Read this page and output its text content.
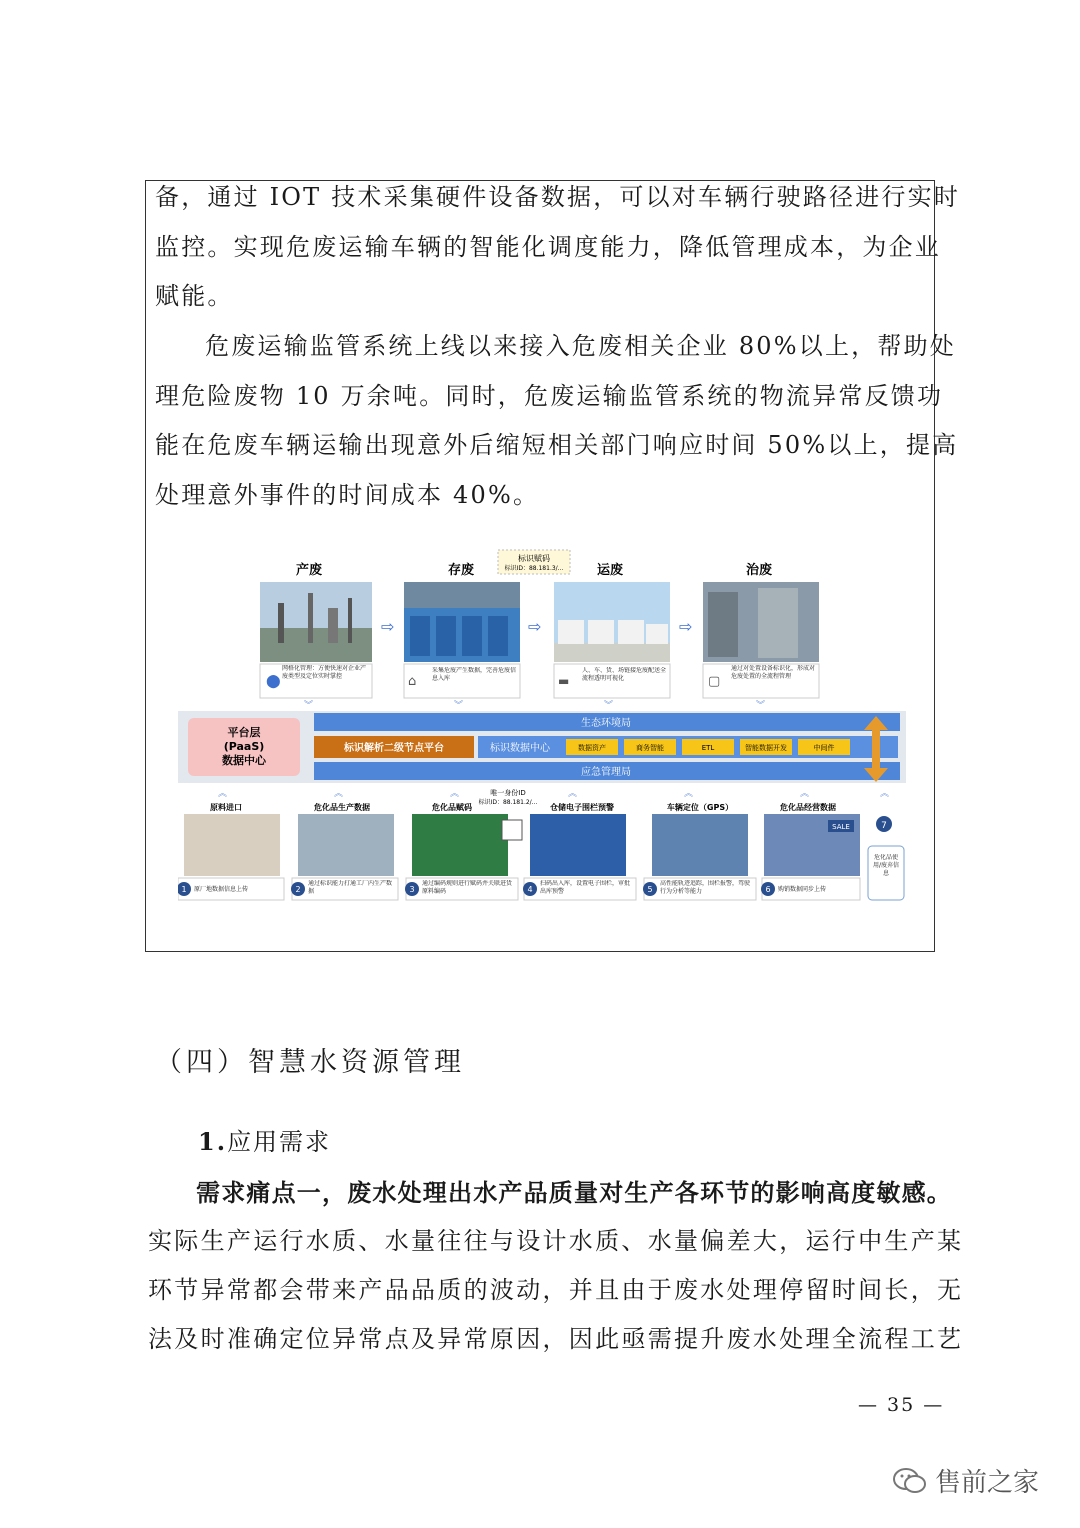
备，通过 IOT 技术采集硬件设备数据，可以对车辆行驶路径进行实时
监控。实现危废运输车辆的智能化调度能力，降低管理成本，为企业
赋能。

危废运输监管系统上线以来接入危废相关企业 80%以上，帮助处
理危险废物 10 万余吨。同时，危废运输监管系统的物流异常反馈功
能在危废车辆运输出现意外后缩短相关部门响应时间 50%以上，提高
处理意外事件的时间成本 40%。

产废	存废	运废	治废
标识赋码
标识ID：88.181.3/...
⇨	⇨	⇨
⬤
网格化管理：方便快速对企业产废类型及定位实时掌控	⌂
采集危废产生数据，完善危废信息入库	▬
人、车、货、场链接危废配送全流程透明可视化	▢
通过对处置设备标识化，形成对危废处置的全流程管理
︾	︾	︾	︾
平台层
(PaaS)
数据中心
生态环境局
标识解析二级节点平台	标识数据中心	数据资产	商务智能	ETL	智能数据开发	中间件
应急管理局
︽	︽	︽	︽	︽	︽	︽
唯一身份ID
标识ID：88.181.2/...
原料进口	危化品生产数据	危化品赋码	仓储电子围栏预警	车辆定位（GPS）	危化品经营数据
SALE	7
1	2	3	4	5	6
原厂地数据信息上传
通过标识能力打通工厂内生产数据
通过编码规则进行赋码并关联进货原料编码
扫码出入库，设置电子围栏，审批出库预警
高性能轨迹追踪，围栏报警，驾驶行为分析等能力	购销数据同步上传
危化品使用/废弃信息
（四）智慧水资源管理

1.应用需求

需求痛点一，废水处理出水产品质量对生产各环节的影响高度敏感。
实际生产运行水质、水量往往与设计水质、水量偏差大，运行中生产某
环节异常都会带来产品品质的波动，并且由于废水处理停留时间长，无
法及时准确定位异常点及异常原因，因此亟需提升废水处理全流程工艺

— 35 —
售前之家
